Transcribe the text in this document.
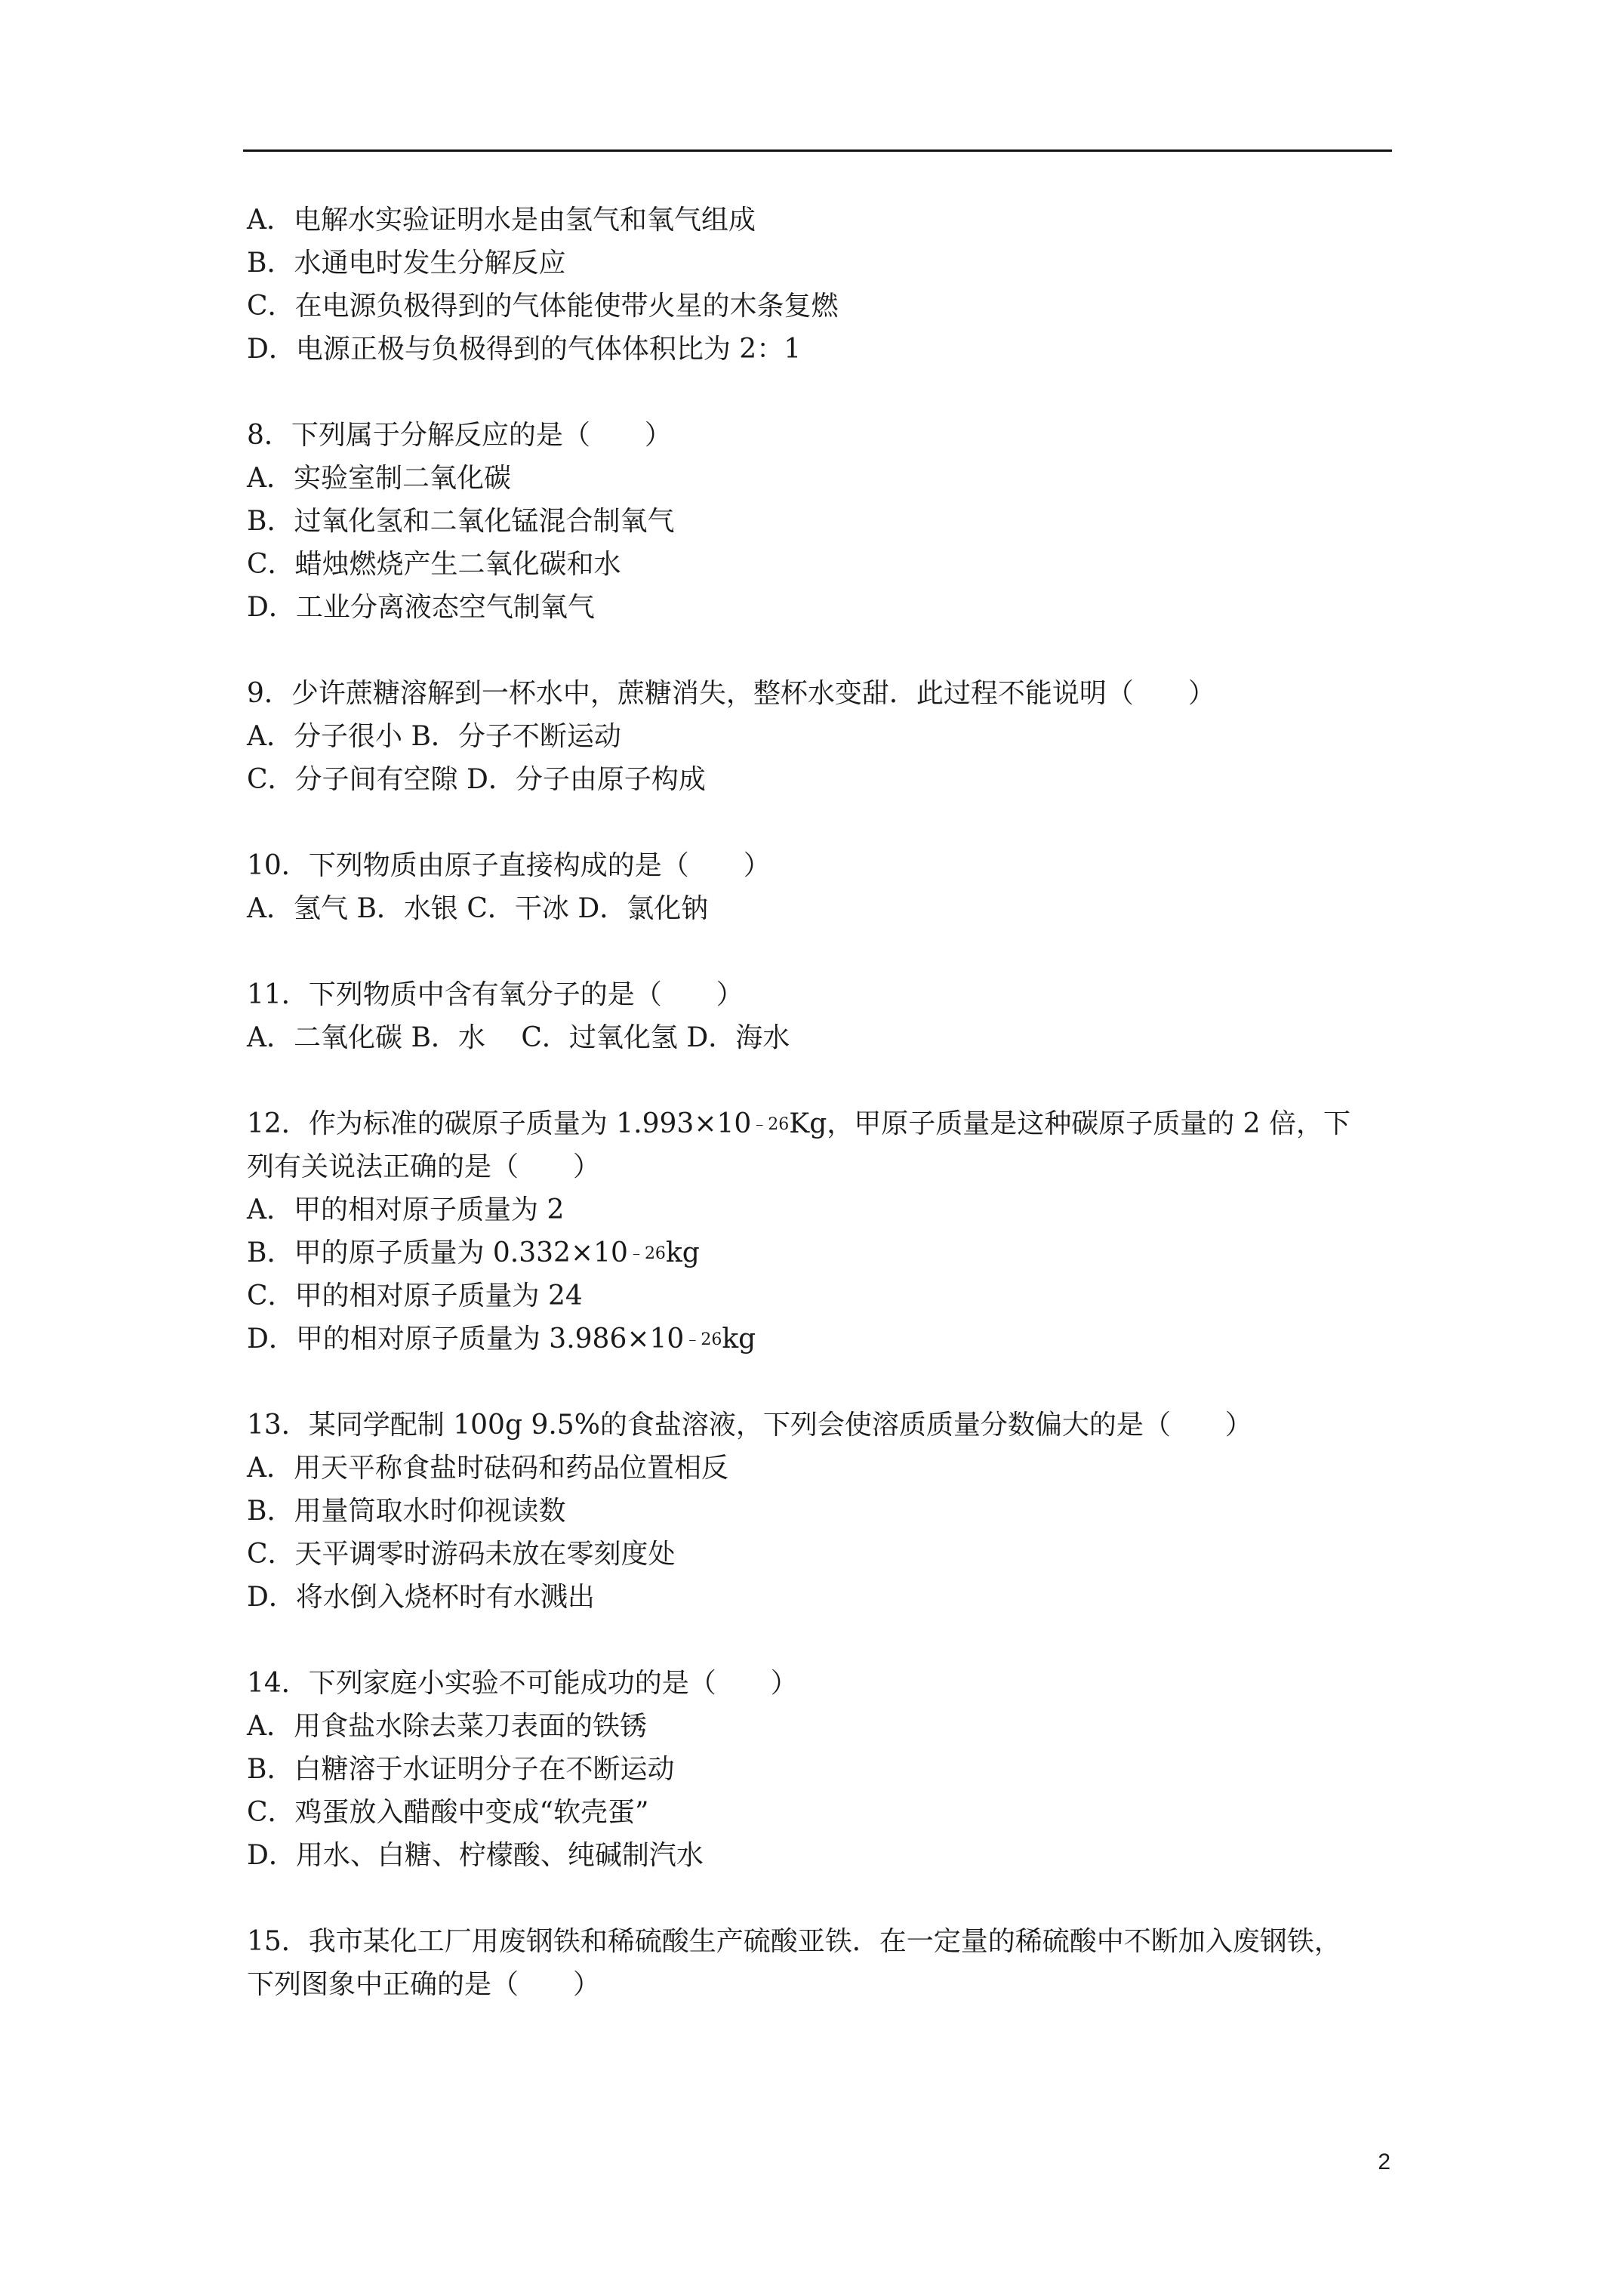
A．电解水实验证明水是由氢气和氧气组成
B．水通电时发生分解反应
C．在电源负极得到的气体能使带火星的木条复燃
D．电源正极与负极得到的气体体积比为 2：1
8．下列属于分解反应的是（　　）
A．实验室制二氧化碳
B．过氧化氢和二氧化锰混合制氧气
C．蜡烛燃烧产生二氧化碳和水
D．工业分离液态空气制氧气
9．少许蔗糖溶解到一杯水中，蔗糖消失，整杯水变甜．此过程不能说明（　　）
A．分子很小 B．分子不断运动
C．分子间有空隙 D．分子由原子构成
10．下列物质由原子直接构成的是（　　）
A．氢气 B．水银 C．干冰 D．氯化钠
11．下列物质中含有氧分子的是（　　）
A．二氧化碳 B．水　 C．过氧化氢 D．海水
12．作为标准的碳原子质量为 $1.993\times 10^{﹣26}Kg$，甲原子质量是这种碳原子质量的 2 倍，下
列有关说法正确的是（　　）
A．甲的相对原子质量为 2
B．甲的原子质量为 $0.332\times 10^{﹣26}kg$
C．甲的相对原子质量为 24
D．甲的相对原子质量为 $3.986\times 10^{﹣26}kg$
13．某同学配制 100g 9.5%的食盐溶液，下列会使溶质质量分数偏大的是（　　）
A．用天平称食盐时砝码和药品位置相反
B．用量筒取水时仰视读数
C．天平调零时游码未放在零刻度处
D．将水倒入烧杯时有水溅出
14．下列家庭小实验不可能成功的是（　　）
A．用食盐水除去菜刀表面的铁锈
B．白糖溶于水证明分子在不断运动
C．鸡蛋放入醋酸中变成“软壳蛋”
D．用水、白糖、柠檬酸、纯碱制汽水
15．我市某化工厂用废钢铁和稀硫酸生产硫酸亚铁．在一定量的稀硫酸中不断加入废钢铁，
下列图象中正确的是（　　）
2
